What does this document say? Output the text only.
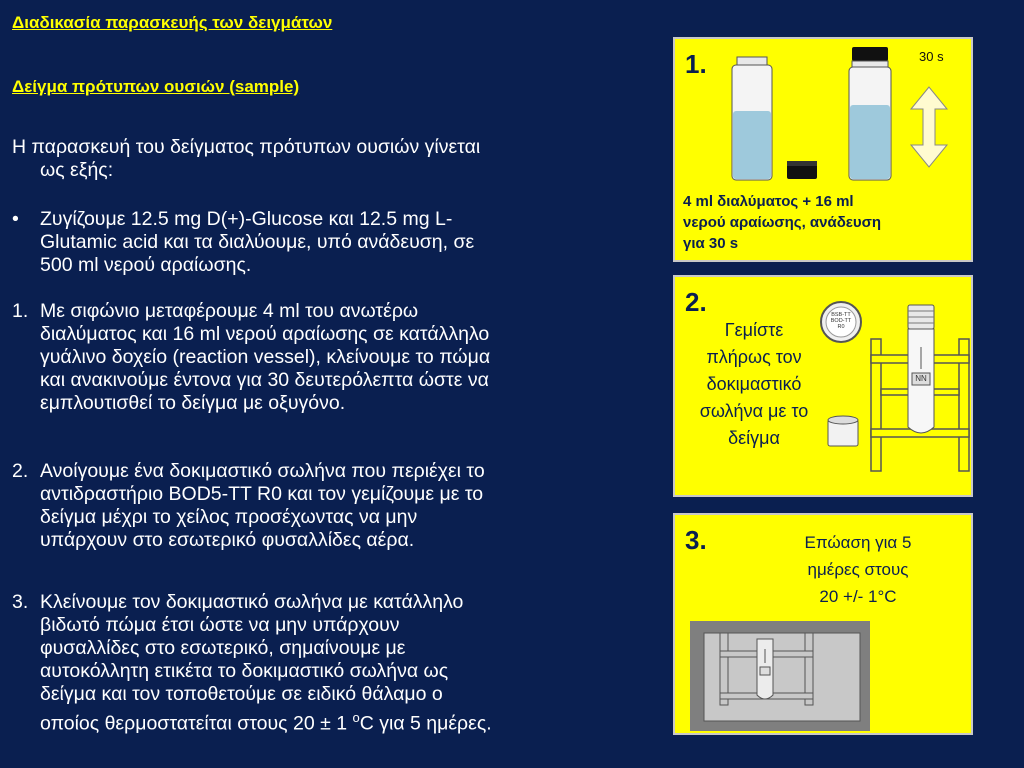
Διαδικασία παρασκευής των δειγμάτων

Δείγμα πρότυπων ουσιών (sample)

Η παρασκευή του δείγματος πρότυπων ουσιών γίνεται
ως εξής:
• Ζυγίζουμε 12.5 mg D(+)-Glucose και 12.5 mg L-
Glutamic acid και τα διαλύουμε, υπό ανάδευση, σε
500 ml νερού αραίωσης.
1. Με σιφώνιο μεταφέρουμε 4 ml του ανωτέρω
διαλύματος και 16 ml νερού αραίωσης σε κατάλληλο
γυάλινο δοχείο (reaction vessel), κλείνουμε το πώμα
και ανακινούμε έντονα για 30 δευτερόλεπτα ώστε να
εμπλουτισθεί το δείγμα με οξυγόνο.
2. Ανοίγουμε ένα δοκιμαστικό σωλήνα που περιέχει το
αντιδραστήριο BOD5-TT R0 και τον γεμίζουμε με το
δείγμα μέχρι το χείλος προσέχωντας να μην
υπάρχουν στο εσωτερικό φυσαλλίδες αέρα.
3. Κλείνουμε τον δοκιμαστικό σωλήνα με κατάλληλο
βιδωτό πώμα έτσι ώστε να μην υπάρχουν
φυσαλλίδες στο εσωτερικό, σημαίνουμε με
αυτοκόλλητη ετικέτα το δοκιμαστικό σωλήνα ως
δείγμα και τον τοποθετούμε σε ειδικό θάλαμο ο
οποίος θερμοστατείται στους 20 ± 1 $^o$C για 5 ημέρες.
1.	30 s
4 ml διαλύματος + 16 ml
νερού αραίωσης, ανάδευση
για 30 s
2.
Γεμίστε
πλήρως τον
δοκιμαστικό
σωλήνα με το
δείγμα
BSB-TT
BOD-TT
R0
ΝN
3.	Επώαση για 5
ημέρες στους
20 +/- 1°C
